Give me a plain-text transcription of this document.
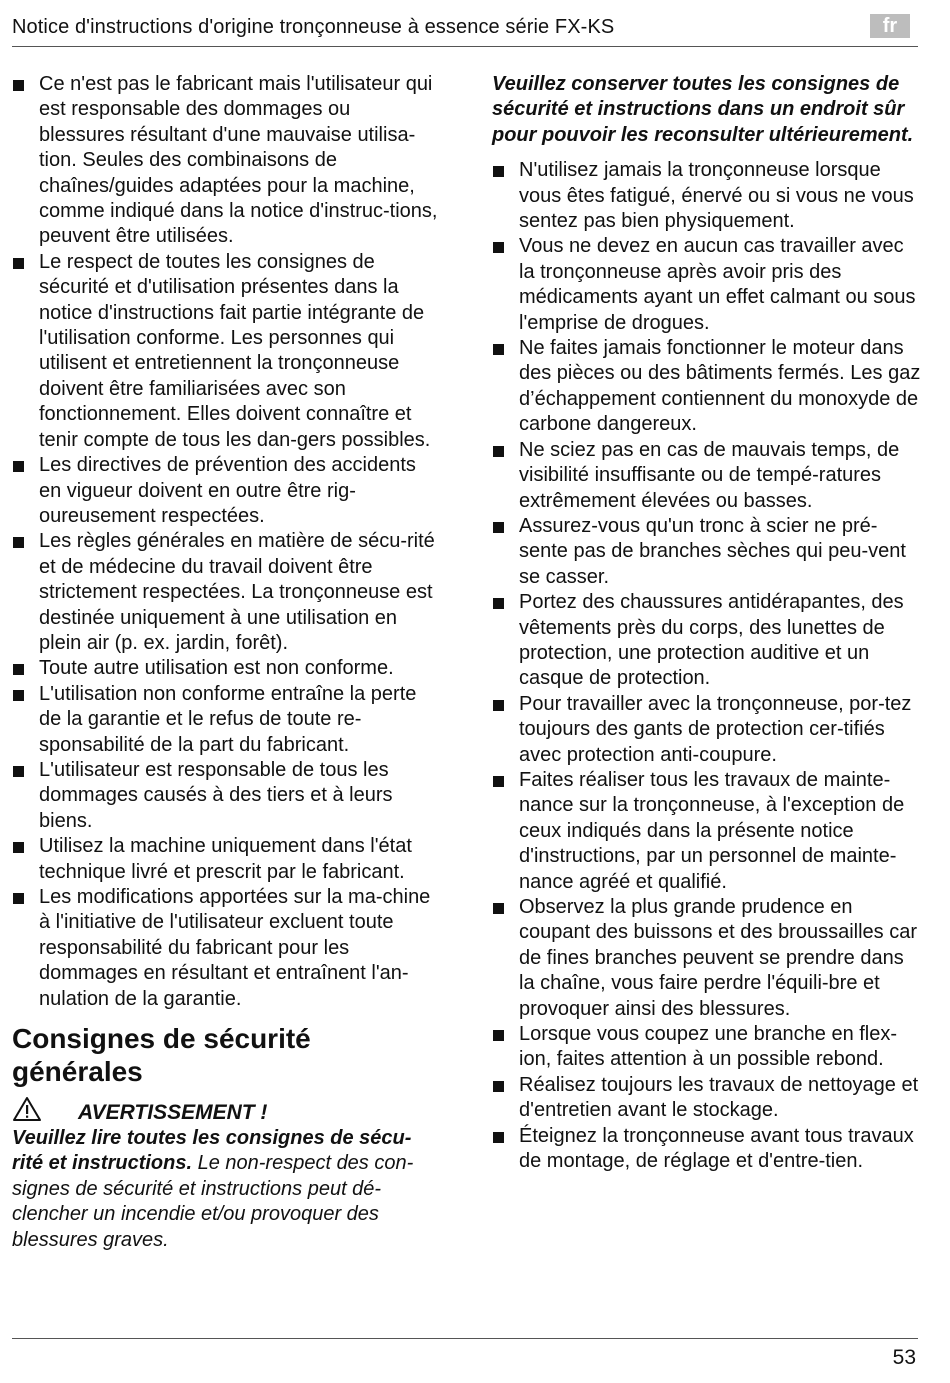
Notice d'instructions d'origine tronçonneuse à essence série FX-KS	fr
Ce n'est pas le fabricant mais l'utilisateur qui est responsable des dommages ou blessures résultant d'une mauvaise utilisa-tion. Seules des combinaisons de chaînes/guides adaptées pour la machine, comme indiqué dans la notice d'instruc-tions, peuvent être utilisées.
Le respect de toutes les consignes de sécurité et d'utilisation présentes dans la notice d'instructions fait partie intégrante de l'utilisation conforme. Les personnes qui utilisent et entretiennent la tronçonneuse doivent être familiarisées avec son fonctionnement. Elles doivent connaître et tenir compte de tous les dan-gers possibles.
Les directives de prévention des accidents en vigueur doivent en outre être rig-oureusement respectées.
Les règles générales en matière de sécu-rité et de médecine du travail doivent être strictement respectées. La tronçonneuse est destinée uniquement à une utilisation en plein air (p. ex. jardin, forêt).
Toute autre utilisation est non conforme.
L'utilisation non conforme entraîne la perte de la garantie et le refus de toute re-sponsabilité de la part du fabricant.
L'utilisateur est responsable de tous les dommages causés à des tiers et à leurs biens.
Utilisez la machine uniquement dans l'état technique livré et prescrit par le fabricant.
Les modifications apportées sur la ma-chine à l'initiative de l'utilisateur excluent toute responsabilité du fabricant pour les dommages en résultant et entraînent l'an-nulation de la garantie.
Consignes de sécurité générales
AVERTISSEMENT !

Veuillez lire toutes les consignes de sécu-rité et instructions. Le non-respect des con-signes de sécurité et instructions peut dé-clencher un incendie et/ou provoquer des blessures graves.

Veuillez conserver toutes les consignes de sécurité et instructions dans un endroit sûr pour pouvoir les reconsulter ultérieurement.

N'utilisez jamais la tronçonneuse lorsque vous êtes fatigué, énervé ou si vous ne vous sentez pas bien physiquement.
Vous ne devez en aucun cas travailler avec la tronçonneuse après avoir pris des médicaments ayant un effet calmant ou sous l'emprise de drogues.
Ne faites jamais fonctionner le moteur dans des pièces ou des bâtiments fermés. Les gaz d’échappement contiennent du monoxyde de carbone dangereux.
Ne sciez pas en cas de mauvais temps, de visibilité insuffisante ou de tempé-ratures extrêmement élevées ou basses.
Assurez-vous qu'un tronc à scier ne pré-sente pas de branches sèches qui peu-vent se casser.
Portez des chaussures antidérapantes, des vêtements près du corps, des lunettes de protection, une protection auditive et un casque de protection.
Pour travailler avec la tronçonneuse, por-tez toujours des gants de protection cer-tifiés avec protection anti-coupure.
Faites réaliser tous les travaux de mainte-nance sur la tronçonneuse, à l'exception de ceux indiqués dans la présente notice d'instructions, par un personnel de mainte-nance agréé et qualifié.
Observez la plus grande prudence en coupant des buissons et des broussailles car de fines branches peuvent se prendre dans la chaîne, vous faire perdre l'équili-bre et provoquer ainsi des blessures.
Lorsque vous coupez une branche en flex-ion, faites attention à un possible rebond.
Réalisez toujours les travaux de nettoyage et d'entretien avant le stockage.
Éteignez la tronçonneuse avant tous travaux de montage, de réglage et d'entre-tien.
53
